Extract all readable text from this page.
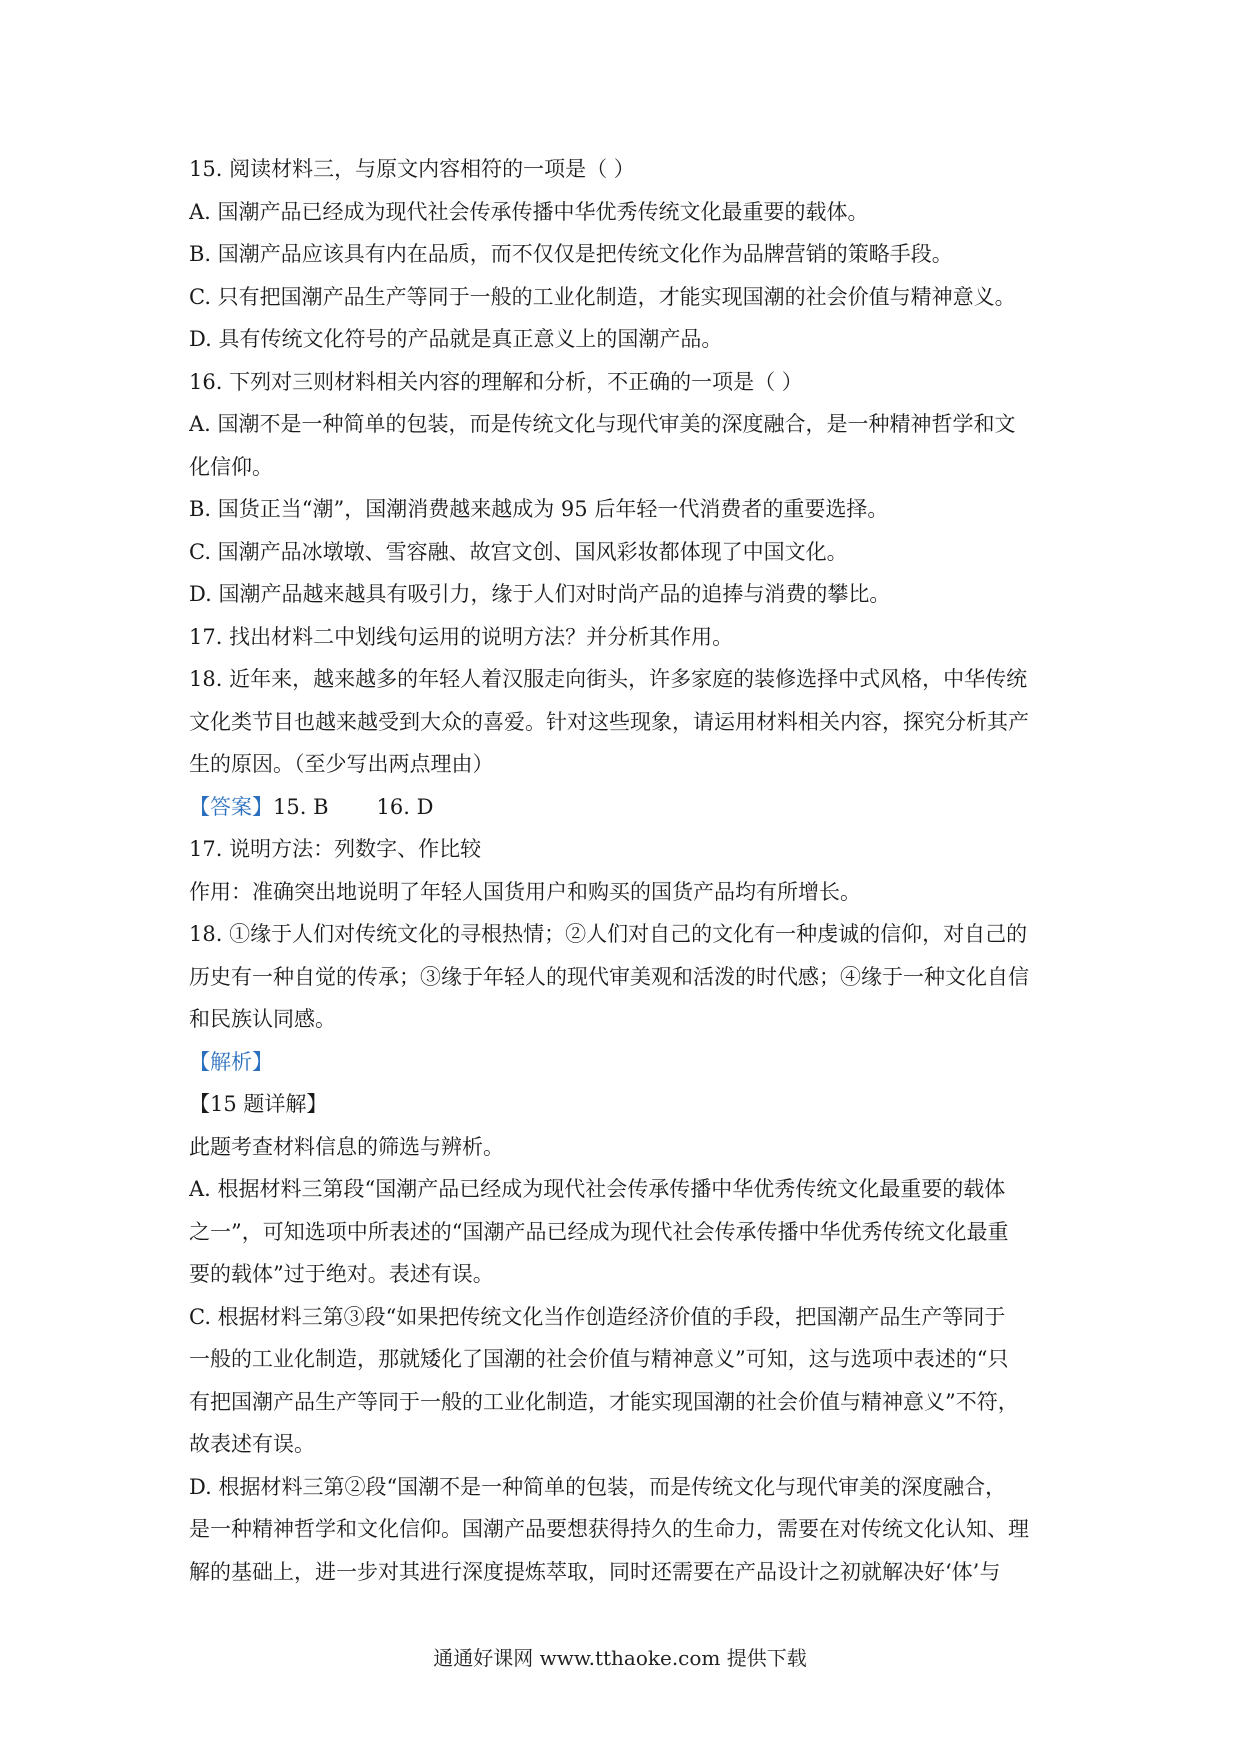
15. 阅读材料三，与原文内容相符的一项是（ ）
A. 国潮产品已经成为现代社会传承传播中华优秀传统文化最重要的载体。
B. 国潮产品应该具有内在品质，而不仅仅是把传统文化作为品牌营销的策略手段。
C. 只有把国潮产品生产等同于一般的工业化制造，才能实现国潮的社会价值与精神意义。
D. 具有传统文化符号的产品就是真正意义上的国潮产品。
16. 下列对三则材料相关内容的理解和分析，不正确的一项是（ ）
A. 国潮不是一种简单的包装，而是传统文化与现代审美的深度融合，是一种精神哲学和文
化信仰。
B. 国货正当“潮”，国潮消费越来越成为 95 后年轻一代消费者的重要选择。
C. 国潮产品冰墩墩、雪容融、故宫文创、国风彩妆都体现了中国文化。
D. 国潮产品越来越具有吸引力，缘于人们对时尚产品的追捧与消费的攀比。
17. 找出材料二中划线句运用的说明方法？并分析其作用。
18. 近年来，越来越多的年轻人着汉服走向街头，许多家庭的装修选择中式风格，中华传统
文化类节目也越来越受到大众的喜爱。针对这些现象，请运用材料相关内容，探究分析其产
生的原因。（至少写出两点理由）
【答案】15. B 16. D
17. 说明方法：列数字、作比较
作用：准确突出地说明了年轻人国货用户和购买的国货产品均有所增长。
18. ①缘于人们对传统文化的寻根热情；②人们对自己的文化有一种虔诚的信仰，对自己的
历史有一种自觉的传承；③缘于年轻人的现代审美观和活泼的时代感；④缘于一种文化自信
和民族认同感。
【解析】
【15 题详解】
此题考查材料信息的筛选与辨析。
A. 根据材料三第段“国潮产品已经成为现代社会传承传播中华优秀传统文化最重要的载体
之一”，可知选项中所表述的“国潮产品已经成为现代社会传承传播中华优秀传统文化最重
要的载体”过于绝对。表述有误。
C. 根据材料三第③段“如果把传统文化当作创造经济价值的手段，把国潮产品生产等同于
一般的工业化制造，那就矮化了国潮的社会价值与精神意义”可知，这与选项中表述的“只
有把国潮产品生产等同于一般的工业化制造，才能实现国潮的社会价值与精神意义”不符，
故表述有误。
D. 根据材料三第②段“国潮不是一种简单的包装，而是传统文化与现代审美的深度融合，
是一种精神哲学和文化信仰。国潮产品要想获得持久的生命力，需要在对传统文化认知、理
解的基础上，进一步对其进行深度提炼萃取，同时还需要在产品设计之初就解决好‘体’与
通通好课网 www.tthaoke.com 提供下载
